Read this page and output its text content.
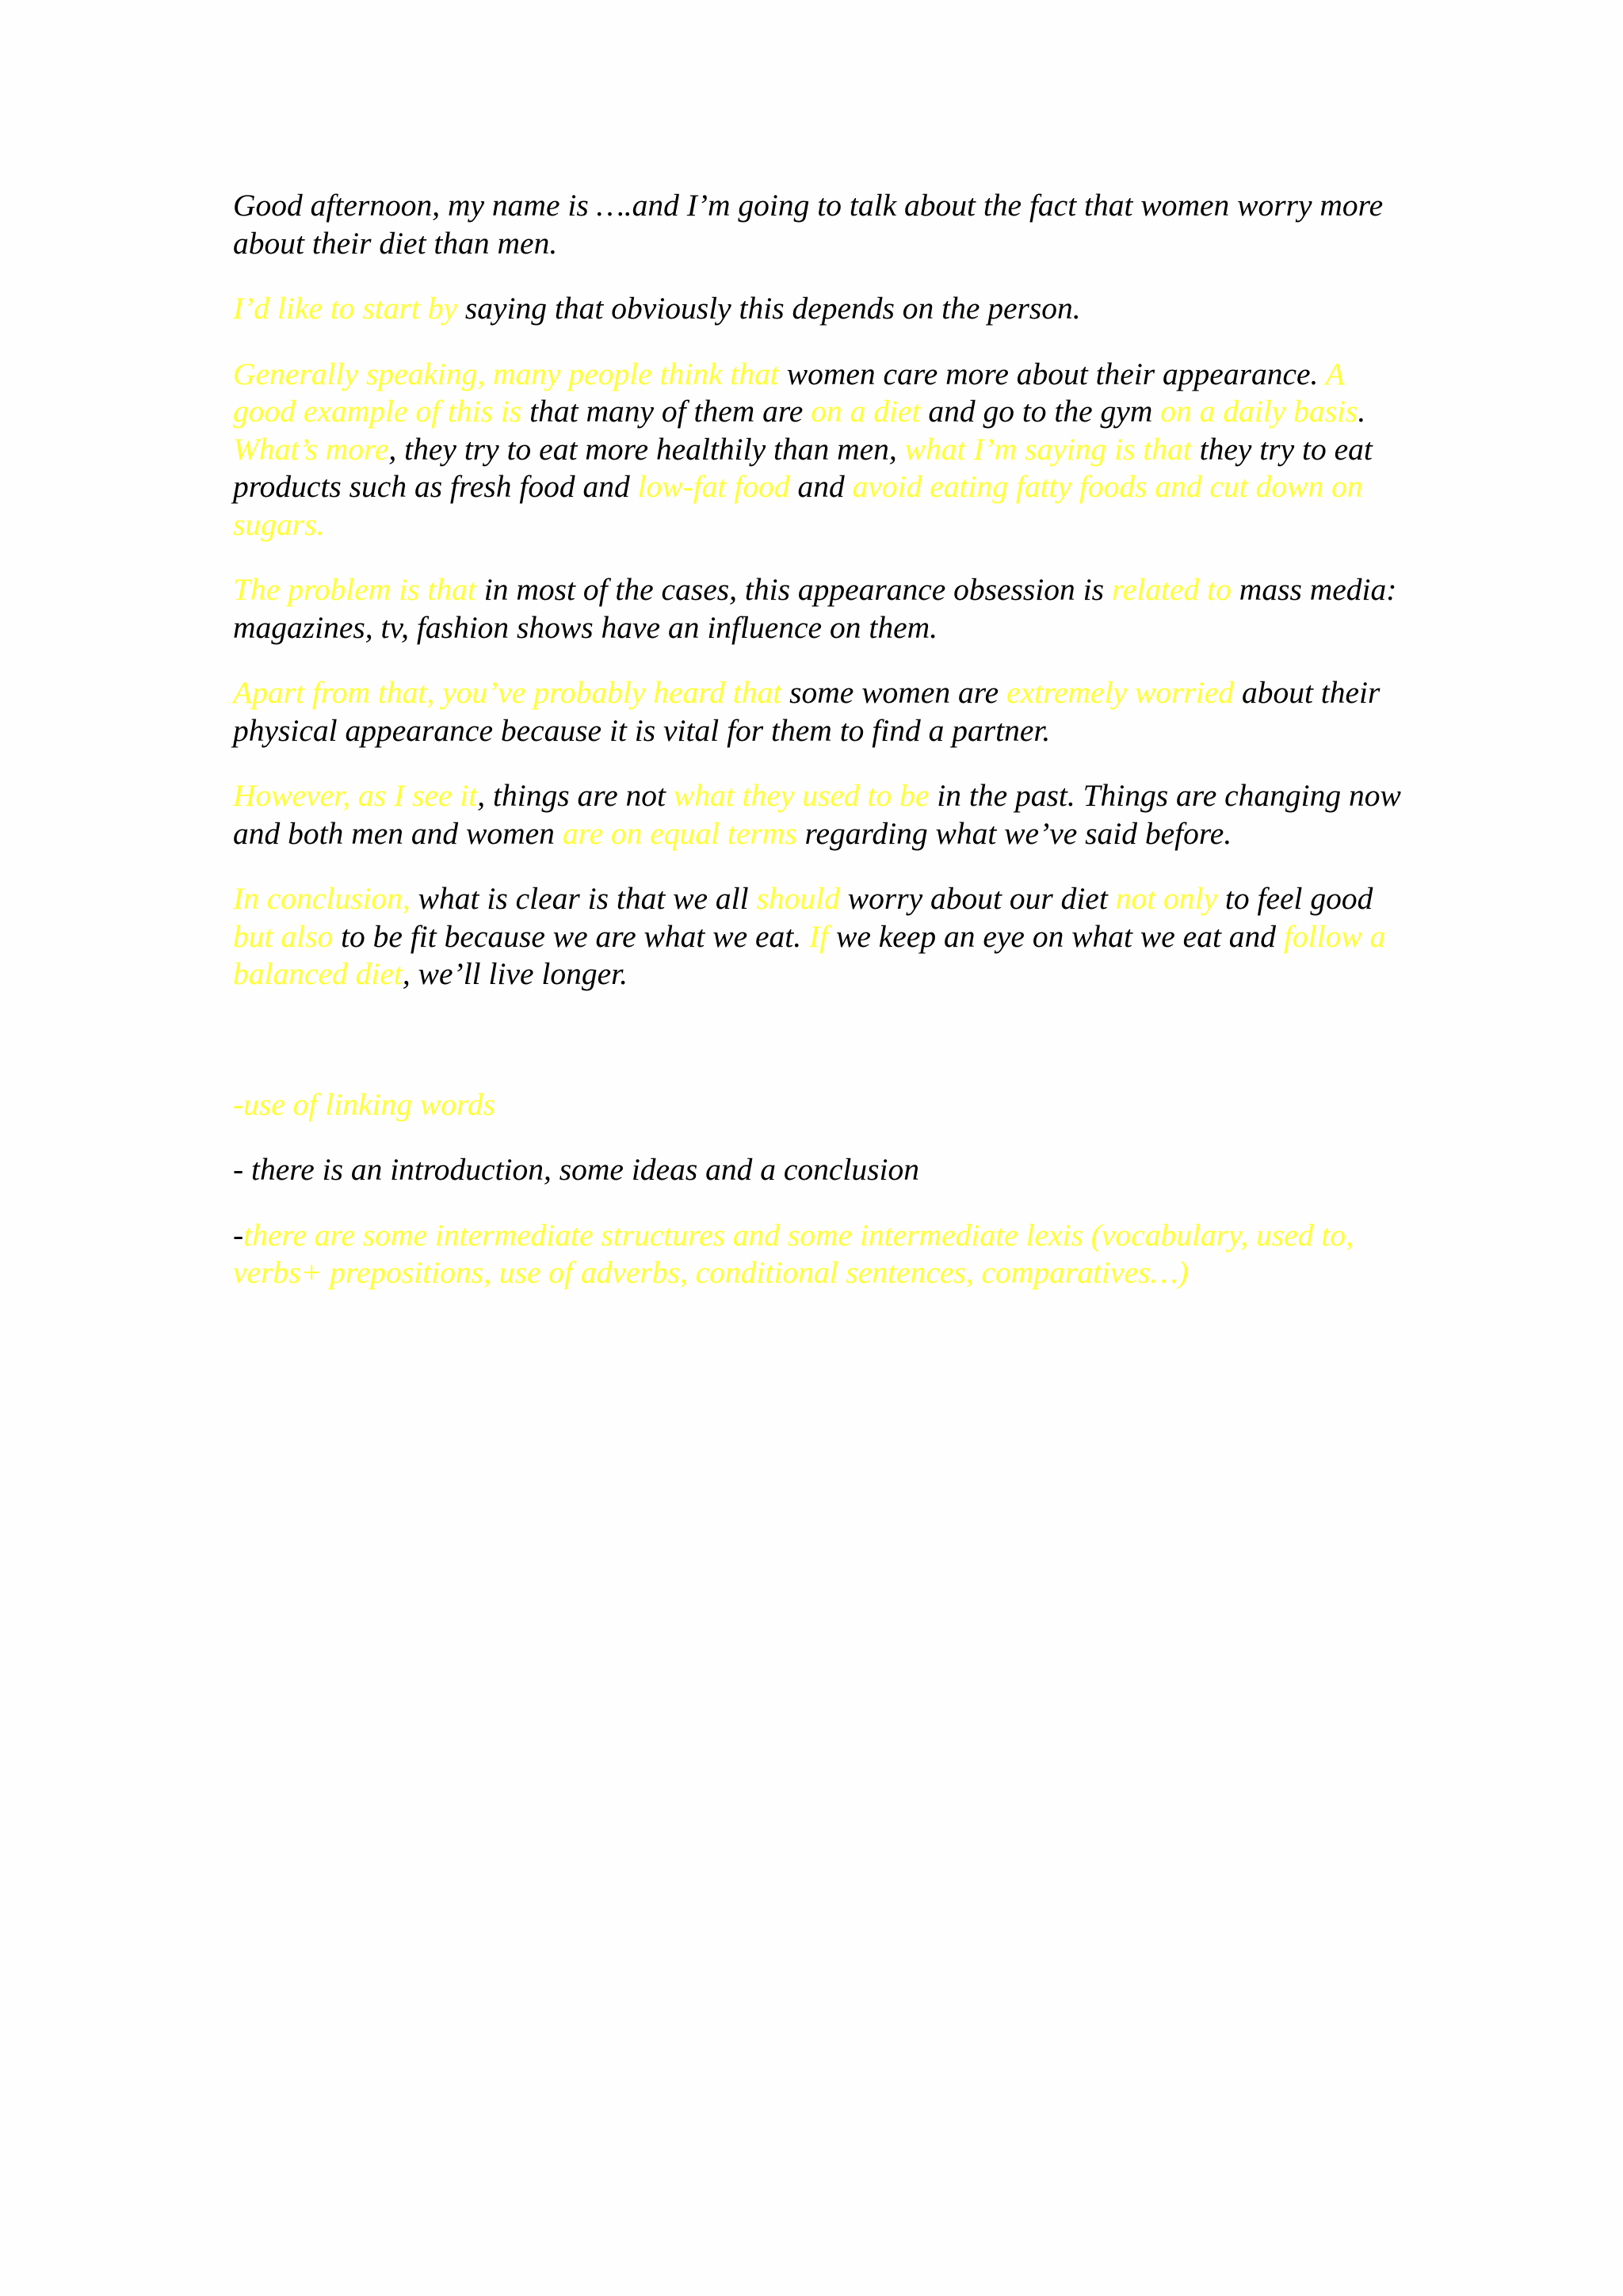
Good afternoon, my name is ….and I’m going to talk about the fact that women worry more about their diet than men.

I’d like to start by saying that obviously this depends on the person.

Generally speaking, many people think that women care more about their appearance. A good example of this is that many of them are on a diet and go to the gym on a daily basis. What’s more, they try to eat more healthily than men, what I’m saying is that they try to eat products such as fresh food and low-fat food and avoid eating fatty foods and cut down on sugars.

The problem is that in most of the cases, this appearance obsession is related to mass media: magazines, tv, fashion shows have an influence on them.

Apart from that, you’ve probably heard that some women are extremely worried about their physical appearance because it is vital for them to find a partner.

However, as I see it, things are not what they used to be in the past. Things are changing now and both men and women are on equal terms regarding what we’ve said before.

In conclusion, what is clear is that we all should worry about our diet not only to feel good but also to be fit because we are what we eat. If we keep an eye on what we eat and follow a balanced diet, we’ll live longer.

-use of linking words

- there is an introduction, some ideas and a conclusion

-there are some intermediate structures and some intermediate lexis (vocabulary, used to, verbs+ prepositions, use of adverbs, conditional sentences, comparatives…)
